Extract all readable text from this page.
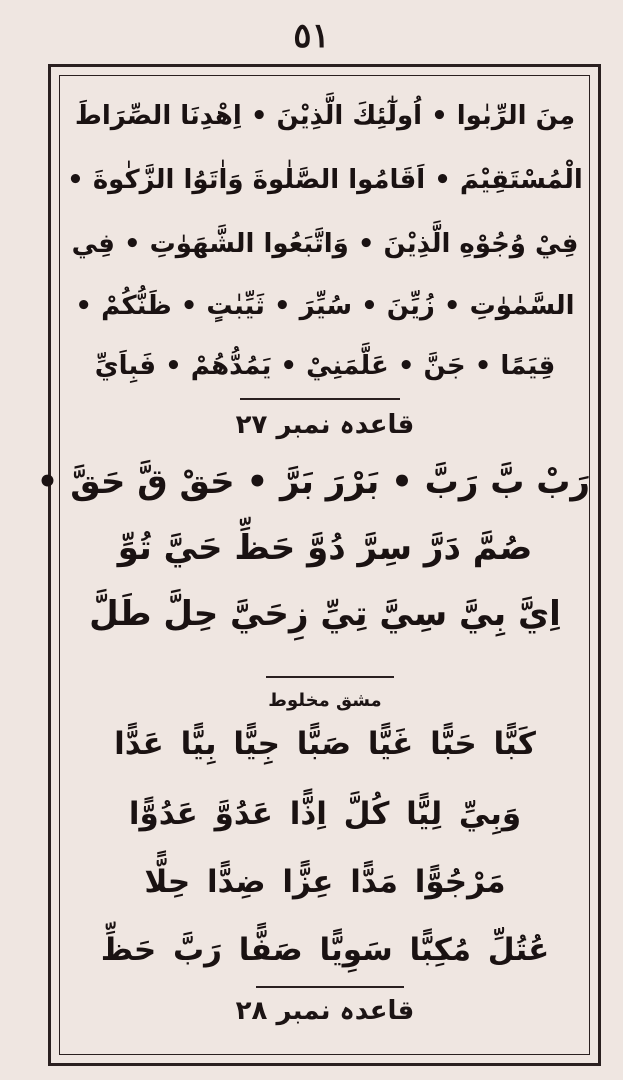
٥١
مِنَ الرِّبٰوا • اُولٰٓئِكَ الَّذِيْنَ • اِهْدِنَا الصِّرَاطَ
الْمُسْتَقِيْمَ • اَقَامُوا الصَّلٰوةَ وَاٰتَوُا الزَّكٰوةَ •
فِيْ وُجُوْهِ الَّذِيْنَ • وَاتَّبَعُوا الشَّهَوٰتِ • فِي
السَّمٰوٰتِ • زُيِّنَ • سُيِّرَ • ثَيِّبٰتٍ • ظَنُّكُمْ •
قِيَمًا • جَنَّ • عَلَّمَنِيْ • يَمُدُّهُمْ • فَبِاَيِّ
قاعدہ نمبر ٢٧
رَبْ بَّ رَبَّ • بَرْرَ بَرَّ • حَقْ قَّ حَقَّ •
صُمَّ دَرَّ سِرَّ دُوَّ حَظِّ حَيَّ تُوِّ
اِيَّ بِيَّ سِيَّ تِيِّ زِحَيَّ حِلَّ طَلَّ
مشق مخلوط
كَبًّا حَبًّا غَيًّا صَبًّا جِيًّا بِيًّا عَدًّا
وَبِيِّ لِيًّا كُلَّ اِذًّا عَدُوَّ عَدُوًّا
مَرْجُوًّا مَدًّا عِزًّا ضِدًّا حِلًّا
عُتُلِّ مُكِبًّا سَوِيًّا صَفًّا رَبَّ حَظِّ
قاعدہ نمبر ٢٨
